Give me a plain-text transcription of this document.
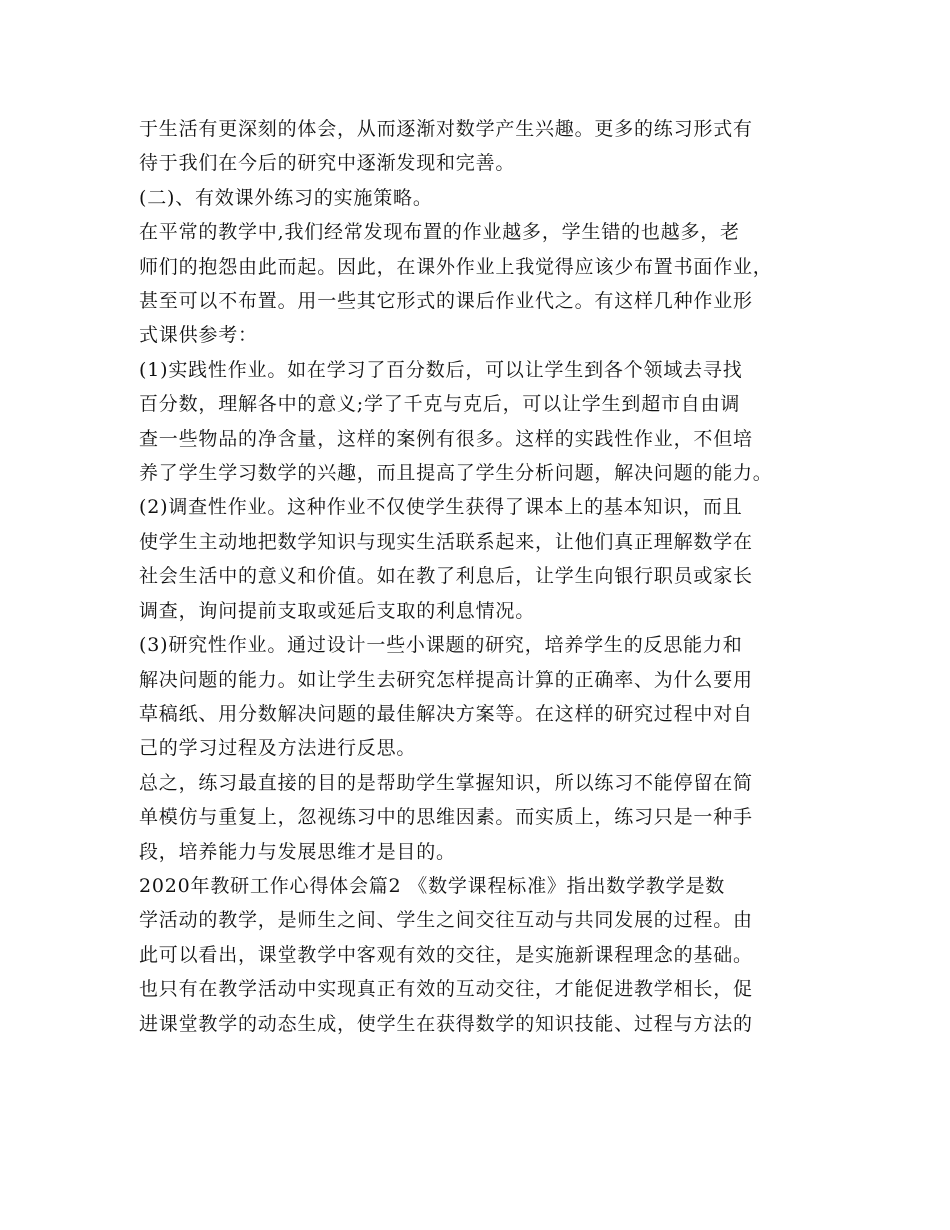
于生活有更深刻的体会，从而逐渐对数学产生兴趣。更多的练习形式有
待于我们在今后的研究中逐渐发现和完善。
(二)、有效课外练习的实施策略。
在平常的教学中,我们经常发现布置的作业越多，学生错的也越多，老
师们的抱怨由此而起。因此，在课外作业上我觉得应该少布置书面作业，
甚至可以不布置。用一些其它形式的课后作业代之。有这样几种作业形
式课供参考：
(1)实践性作业。如在学习了百分数后，可以让学生到各个领域去寻找
百分数，理解各中的意义;学了千克与克后，可以让学生到超市自由调
查一些物品的净含量，这样的案例有很多。这样的实践性作业，不但培
养了学生学习数学的兴趣，而且提高了学生分析问题，解决问题的能力。
(2)调查性作业。这种作业不仅使学生获得了课本上的基本知识，而且
使学生主动地把数学知识与现实生活联系起来，让他们真正理解数学在
社会生活中的意义和价值。如在教了利息后，让学生向银行职员或家长
调查，询问提前支取或延后支取的利息情况。
(3)研究性作业。通过设计一些小课题的研究，培养学生的反思能力和
解决问题的能力。如让学生去研究怎样提高计算的正确率、为什么要用
草稿纸、用分数解决问题的最佳解决方案等。在这样的研究过程中对自
己的学习过程及方法进行反思。
总之，练习最直接的目的是帮助学生掌握知识，所以练习不能停留在简
单模仿与重复上，忽视练习中的思维因素。而实质上，练习只是一种手
段，培养能力与发展思维才是目的。
2020年教研工作心得体会篇2 《数学课程标准》指出数学教学是数
学活动的教学，是师生之间、学生之间交往互动与共同发展的过程。由
此可以看出，课堂教学中客观有效的交往，是实施新课程理念的基础。
也只有在教学活动中实现真正有效的互动交往，才能促进教学相长，促
进课堂教学的动态生成，使学生在获得数学的知识技能、过程与方法的
